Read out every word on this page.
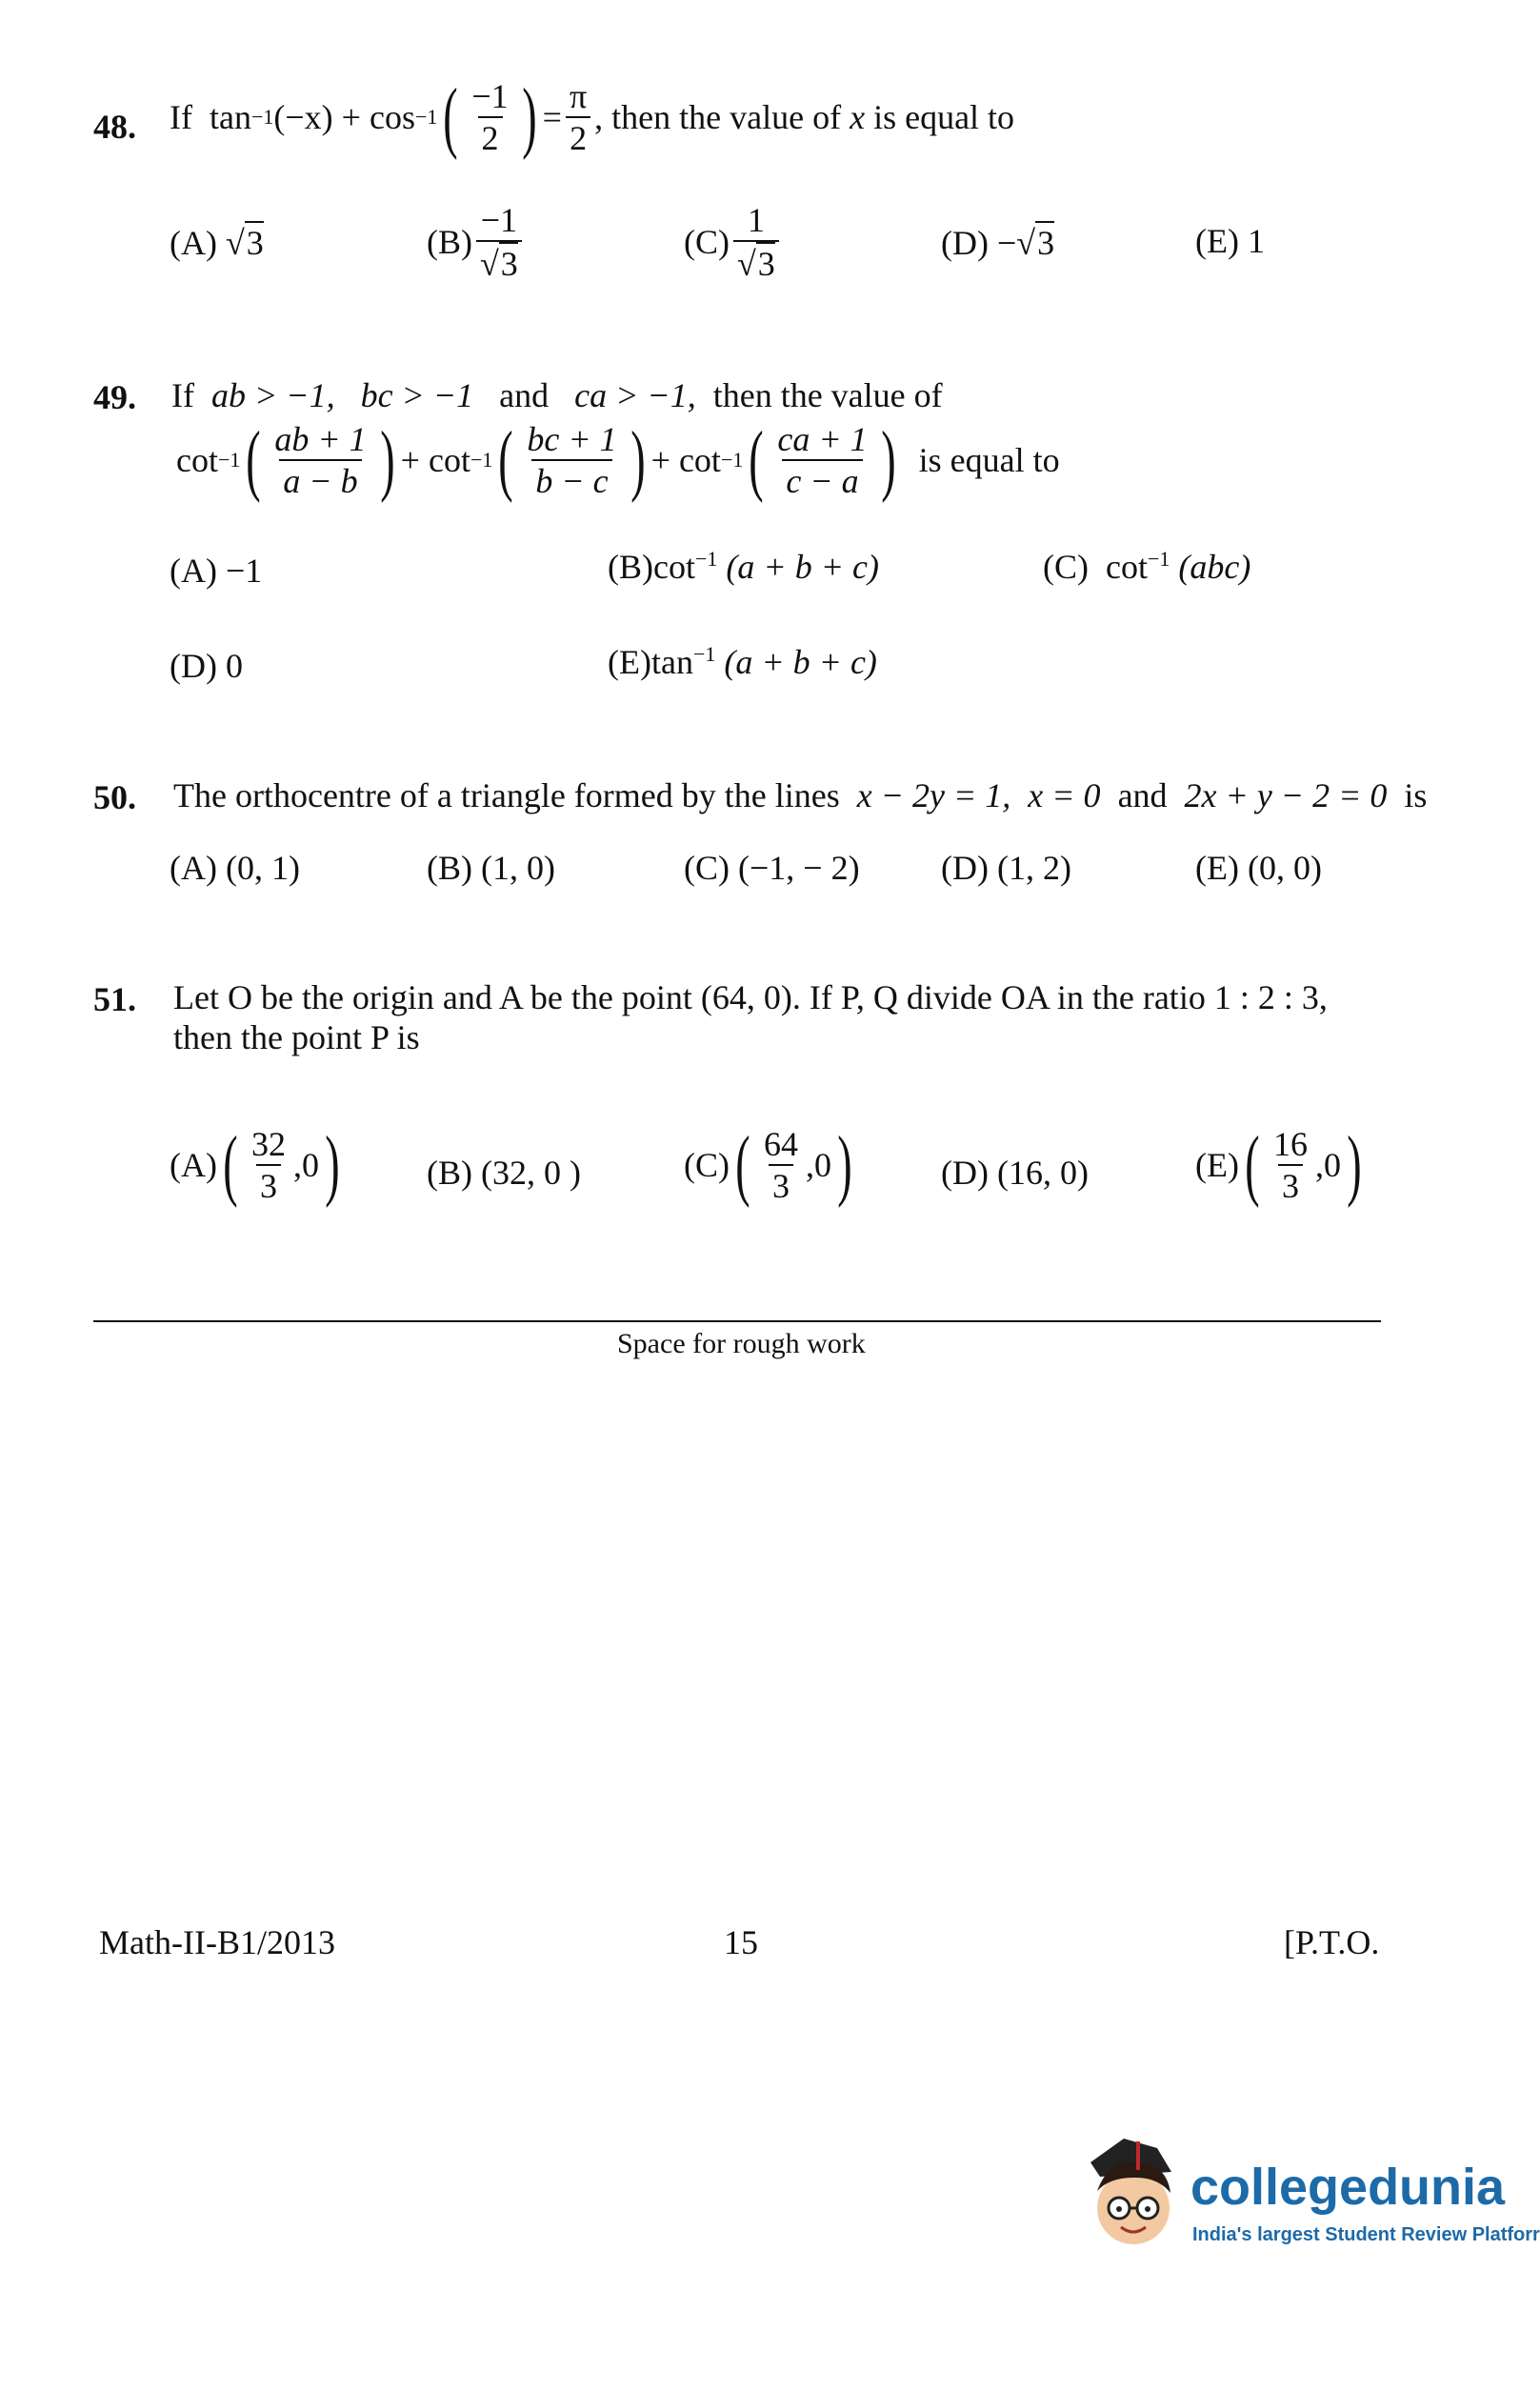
48. If
tan −1 (−x)
+ cos −1 ( $\frac{-1}{2}$ ) = $\frac{\pi}{2}$ , then the value of
x
is equal to
(A) √3	$(B) \frac{-1}{√3}$	$(C) \frac{1}{√3}$	(D) −√3	(E) 1
49. If ab > −1, bc > −1 and ca > −1, then the value of
cot −1 ( $\frac{ab + 1}{a - b}$ ) + cot −1 ( $\frac{bc + 1}{b - c}$ ) + cot −1 ( $\frac{ca + 1}{c - a}$ )
is equal to
(A) −1	$(B)\cot^{-1}$ (a + b + c)	(C) $\cot^{-1} (abc)$
(D) 0	$(E)\tan^{-1}$ (a + b + c)
50. The orthocentre of a triangle formed by the lines x − 2y = 1, x = 0 and 2x + y − 2 = 0 is
(A) (0, 1)	(B) (1, 0)	(C) (−1, − 2) (D) (1, 2)	(E) (0, 0)
51. Let O be the origin and A be the point (64, 0). If P, Q divide OA in the ratio 1 : 2 : 3,
then the point P is
(A) ( $\frac{32}{3} ,0$ )	(B) (32, 0 )	(C) ( $\frac{64}{3} ,0$ )	(D) (16, 0)	(E) ( $\frac{16}{3} ,0$ )
Space for rough work
Math-II-B1/2013	15	[P.T.O.
collegedunia
India's largest Student Review Platforr
